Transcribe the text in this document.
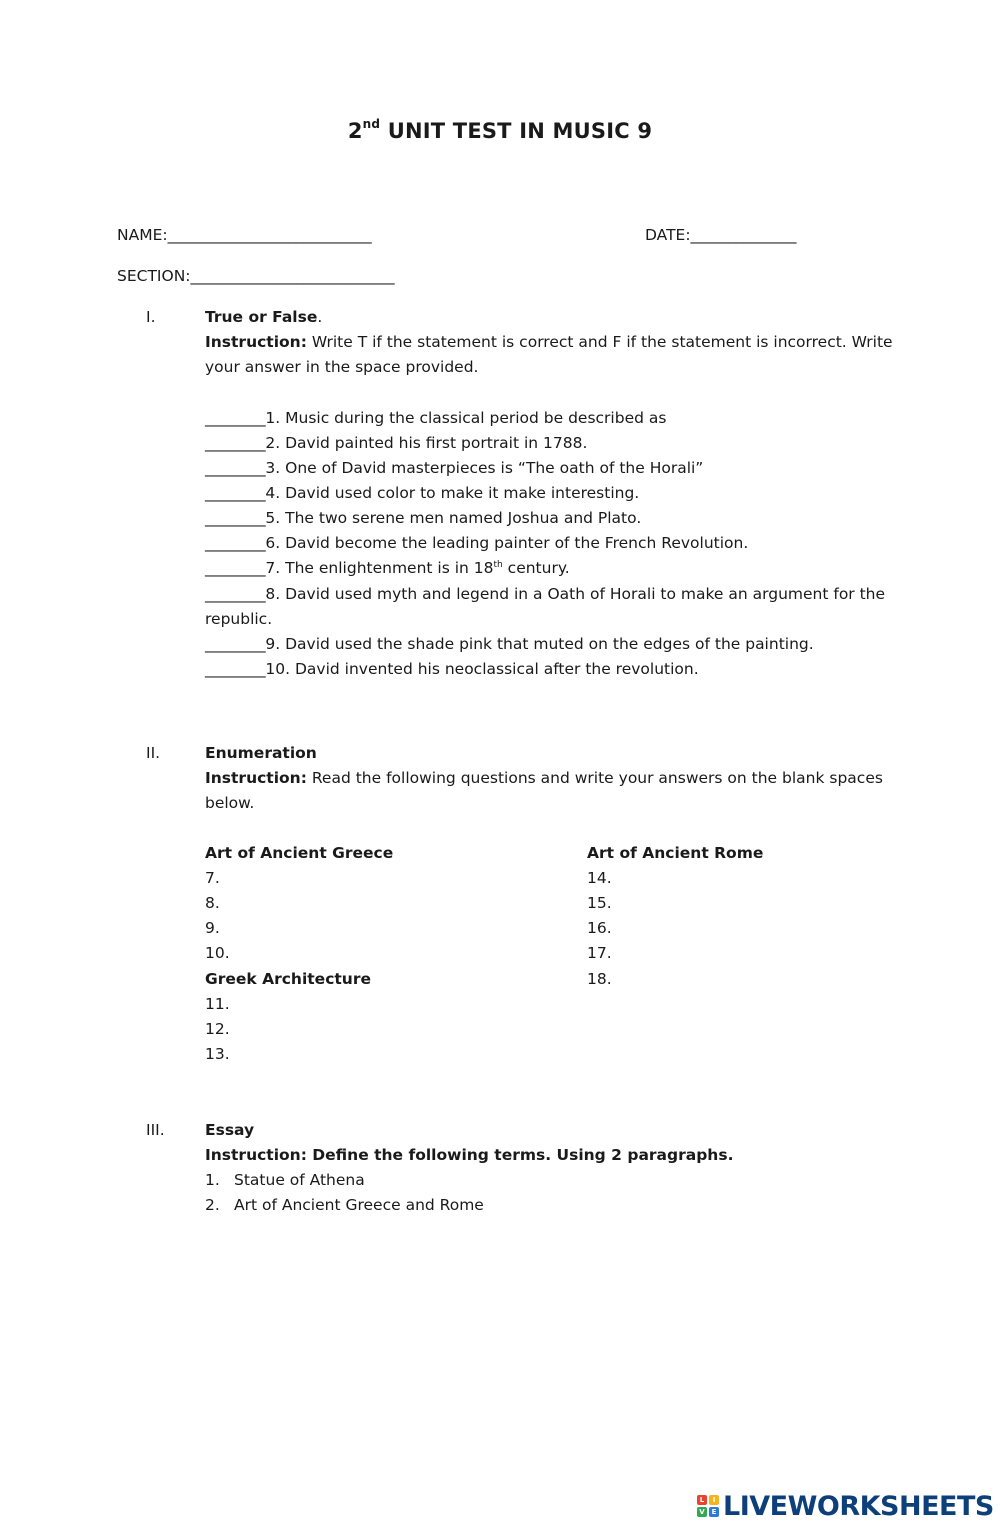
2nd UNIT TEST IN MUSIC 9
NAME:___________________________	DATE:______________
SECTION:___________________________
I.	True or False.
Instruction: Write T if the statement is correct and F if the statement is incorrect. Write
your answer in the space provided.
________1. Music during the classical period be described as
________2. David painted his first portrait in 1788.
________3. One of David masterpieces is “The oath of the Horali”
________4. David used color to make it make interesting.
________5. The two serene men named Joshua and Plato.
________6. David become the leading painter of the French Revolution.
________7. The enlightenment is in 18th century.
________8. David used myth and legend in a Oath of Horali to make an argument for the
republic.
________9. David used the shade pink that muted on the edges of the painting.
________10. David invented his neoclassical after the revolution.
II.	Enumeration
Instruction: Read the following questions and write your answers on the blank spaces
below.
Art of Ancient Greece
7.
8.
9.
10.
Greek Architecture
11.
12.
13.
Art of Ancient Rome
14.
15.
16.
17.
18.
III.	Essay
Instruction: Define the following terms. Using 2 paragraphs.
1. Statue of Athena
2. Art of Ancient Greece and Rome
L	I
V E LIVEWORKSHEETS
